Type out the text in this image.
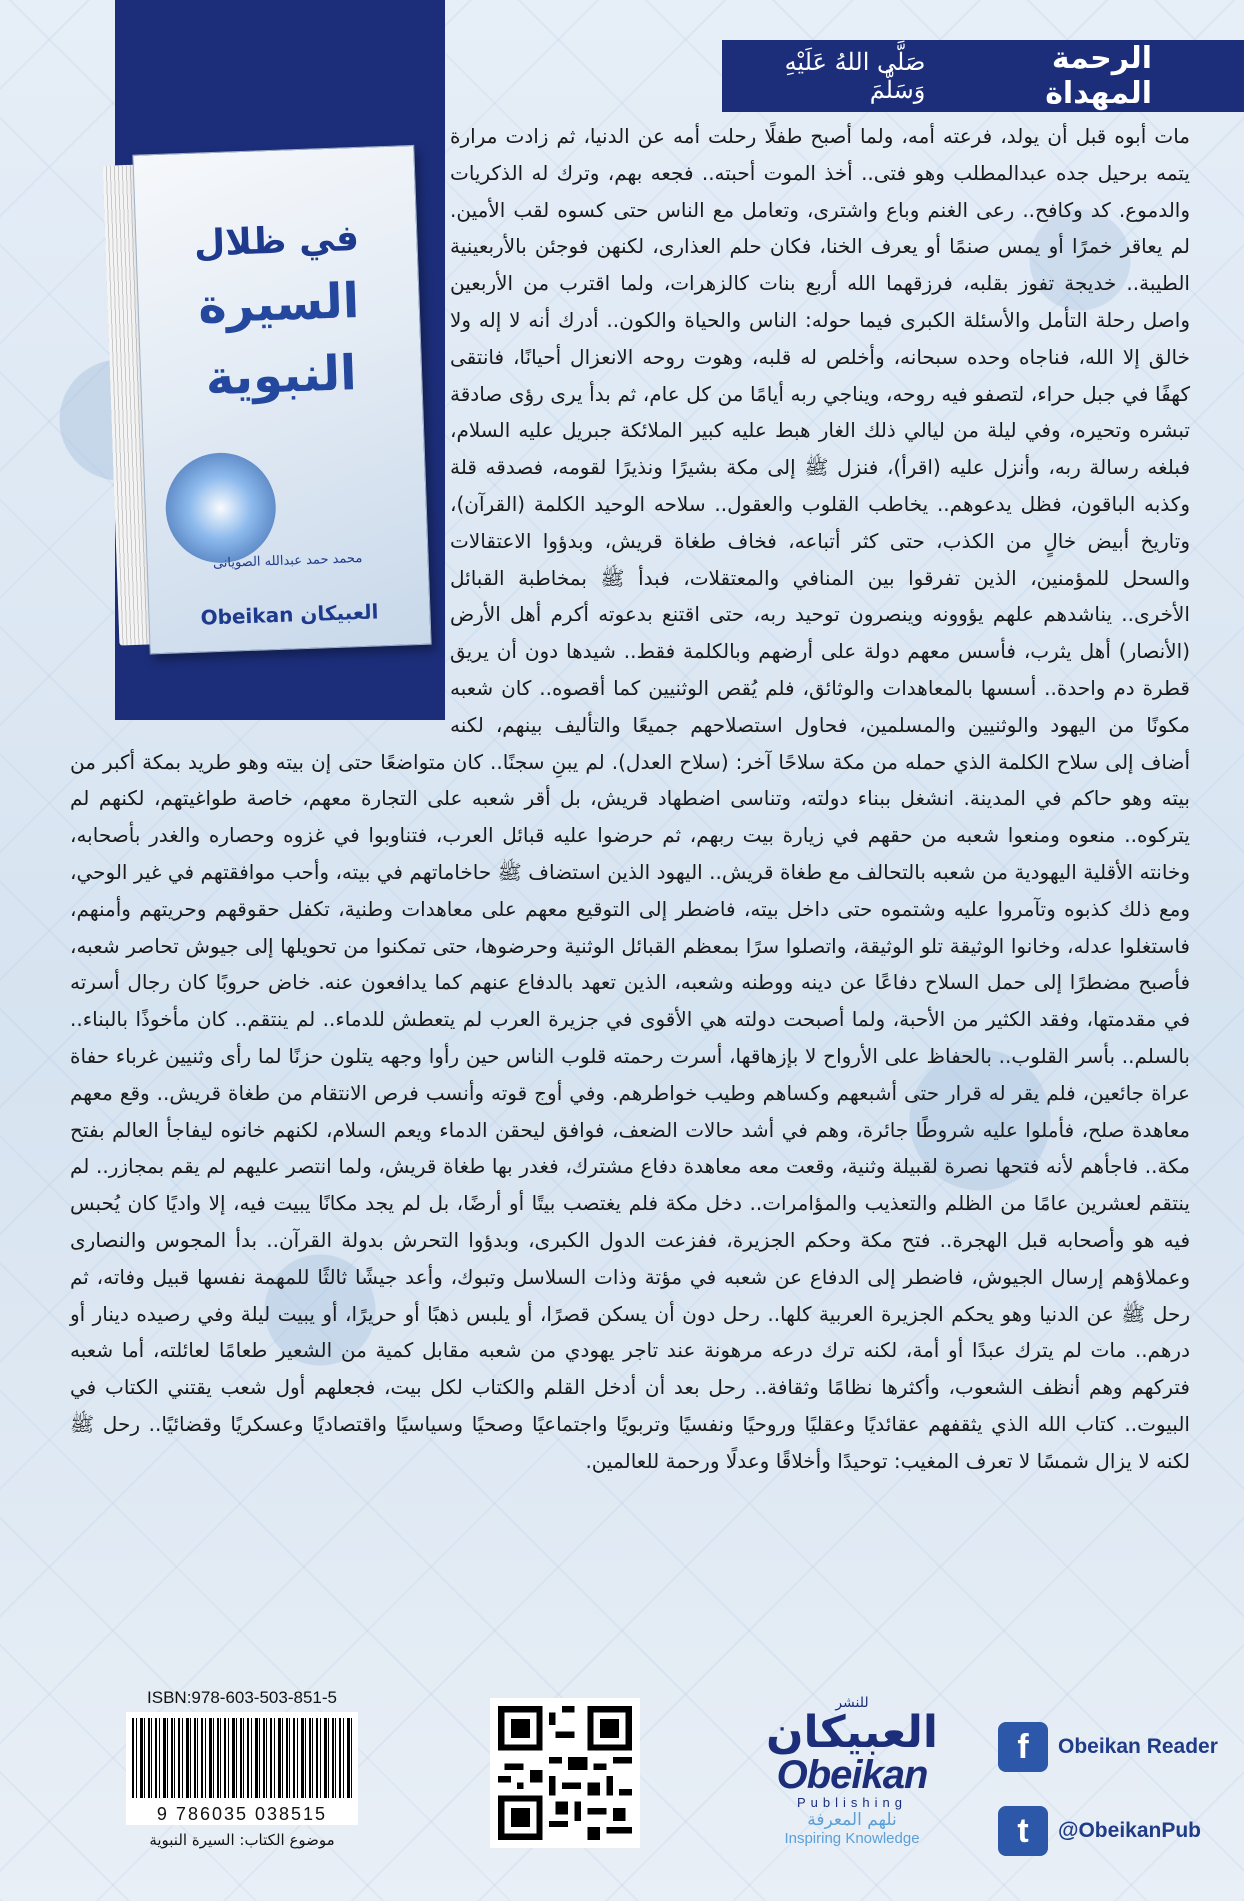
الرحمة المهداة
صَلَّى اللهُ عَلَيْهِ وَسَلَّمَ
في ظلال
السيرة
النبوية
محمد حمد عبدالله الصويانى
العبيكان Obeikan
مات أبوه قبل أن يولد، فرعته أمه، ولما أصبح طفلًا رحلت أمه عن الدنيا، ثم زادت مرارة يتمه برحيل جده عبدالمطلب وهو فتى.. أخذ الموت أحبته.. فجعه بهم، وترك له الذكريات والدموع. كد وكافح.. رعى الغنم وباع واشترى، وتعامل مع الناس حتى كسوه لقب الأمين. لم يعاقر خمرًا أو يمس صنمًا أو يعرف الخنا، فكان حلم العذارى، لكنهن فوجئن بالأربعينية الطيبة.. خديجة تفوز بقلبه، فرزقهما الله أربع بنات كالزهرات، ولما اقترب من الأربعين واصل رحلة التأمل والأسئلة الكبرى فيما حوله: الناس والحياة والكون.. أدرك أنه لا إله ولا خالق إلا الله، فناجاه وحده سبحانه، وأخلص له قلبه، وهوت روحه الانعزال أحيانًا، فانتقى كهفًا في جبل حراء، لتصفو فيه روحه، ويناجي ربه أيامًا من كل عام، ثم بدأ يرى رؤى صادقة تبشره وتحيره، وفي ليلة من ليالي ذلك الغار هبط عليه كبير الملائكة جبريل عليه السلام، فبلغه رسالة ربه، وأنزل عليه (اقرأ)، فنزل ﷺ إلى مكة بشيرًا ونذيرًا لقومه، فصدقه قلة وكذبه الباقون، فظل يدعوهم.. يخاطب القلوب والعقول.. سلاحه الوحيد الكلمة (القرآن)، وتاريخ أبيض خالٍ من الكذب، حتى كثر أتباعه، فخاف طغاة قريش، وبدؤوا الاعتقالات والسحل للمؤمنين، الذين تفرقوا بين المنافي والمعتقلات، فبدأ ﷺ بمخاطبة القبائل الأخرى.. يناشدهم علهم يؤوونه وينصرون توحيد ربه، حتى اقتنع بدعوته أكرم أهل الأرض (الأنصار) أهل يثرب، فأسس معهم دولة على أرضهم وبالكلمة فقط.. شيدها دون أن يريق قطرة دم واحدة.. أسسها بالمعاهدات والوثائق، فلم يُقص الوثنيين كما أقصوه.. كان شعبه مكونًا من اليهود والوثنيين والمسلمين، فحاول استصلاحهم جميعًا والتأليف بينهم، لكنه أضاف إلى سلاح الكلمة الذي حمله من مكة سلاحًا آخر: (سلاح العدل). لم يبنِ سجنًا.. كان متواضعًا حتى إن بيته وهو طريد بمكة أكبر من بيته وهو حاكم في المدينة. انشغل ببناء دولته، وتناسى اضطهاد قريش، بل أقر شعبه على التجارة معهم، خاصة طواغيتهم، لكنهم لم يتركوه.. منعوه ومنعوا شعبه من حقهم في زيارة بيت ربهم، ثم حرضوا عليه قبائل العرب، فتناوبوا في غزوه وحصاره والغدر بأصحابه، وخانته الأقلية اليهودية من شعبه بالتحالف مع طغاة قريش.. اليهود الذين استضاف ﷺ حاخاماتهم في بيته، وأحب موافقتهم في غير الوحي، ومع ذلك كذبوه وتآمروا عليه وشتموه حتى داخل بيته، فاضطر إلى التوقيع معهم على معاهدات وطنية، تكفل حقوقهم وحريتهم وأمنهم، فاستغلوا عدله، وخانوا الوثيقة تلو الوثيقة، واتصلوا سرًا بمعظم القبائل الوثنية وحرضوها، حتى تمكنوا من تحويلها إلى جيوش تحاصر شعبه، فأصبح مضطرًا إلى حمل السلاح دفاعًا عن دينه ووطنه وشعبه، الذين تعهد بالدفاع عنهم كما يدافعون عنه. خاض حروبًا كان رجال أسرته في مقدمتها، وفقد الكثير من الأحبة، ولما أصبحت دولته هي الأقوى في جزيرة العرب لم يتعطش للدماء.. لم ينتقم.. كان مأخوذًا بالبناء.. بالسلم.. بأسر القلوب.. بالحفاظ على الأرواح لا بإزهاقها، أسرت رحمته قلوب الناس حين رأوا وجهه يتلون حزنًا لما رأى وثنيين غرباء حفاة عراة جائعين، فلم يقر له قرار حتى أشبعهم وكساهم وطيب خواطرهم. وفي أوج قوته وأنسب فرص الانتقام من طغاة قريش.. وقع معهم معاهدة صلح، فأملوا عليه شروطًا جائرة، وهم في أشد حالات الضعف، فوافق ليحقن الدماء ويعم السلام، لكنهم خانوه ليفاجأ العالم بفتح مكة.. فاجأهم لأنه فتحها نصرة لقبيلة وثنية، وقعت معه معاهدة دفاع مشترك، فغدر بها طغاة قريش، ولما انتصر عليهم لم يقم بمجازر.. لم ينتقم لعشرين عامًا من الظلم والتعذيب والمؤامرات.. دخل مكة فلم يغتصب بيتًا أو أرضًا، بل لم يجد مكانًا يبيت فيه، إلا واديًا كان يُحبس فيه هو وأصحابه قبل الهجرة.. فتح مكة وحكم الجزيرة، ففزعت الدول الكبرى، وبدؤوا التحرش بدولة القرآن.. بدأ المجوس والنصارى وعملاؤهم إرسال الجيوش، فاضطر إلى الدفاع عن شعبه في مؤتة وذات السلاسل وتبوك، وأعد جيشًا ثالثًا للمهمة نفسها قبيل وفاته، ثم رحل ﷺ عن الدنيا وهو يحكم الجزيرة العربية كلها.. رحل دون أن يسكن قصرًا، أو يلبس ذهبًا أو حريرًا، أو يبيت ليلة وفي رصيده دينار أو درهم.. مات لم يترك عبدًا أو أمة، لكنه ترك درعه مرهونة عند تاجر يهودي من شعبه مقابل كمية من الشعير طعامًا لعائلته، أما شعبه فتركهم وهم أنظف الشعوب، وأكثرها نظامًا وثقافة.. رحل بعد أن أدخل القلم والكتاب لكل بيت، فجعلهم أول شعب يقتني الكتاب في البيوت.. كتاب الله الذي يثقفهم عقائديًا وعقليًا وروحيًا ونفسيًا وتربويًا واجتماعيًا وصحيًا وسياسيًا واقتصاديًا وعسكريًا وقضائيًا.. رحل ﷺ لكنه لا يزال شمسًا لا تعرف المغيب: توحيدًا وأخلاقًا وعدلًا ورحمة للعالمين.
ISBN:978-603-503-851-5
9 786035 038515
موضوع الكتاب: السيرة النبوية
للنشر
العبيكان
Obeikan
Publishing
نلهم المعرفة
Inspiring Knowledge
f	Obeikan Reader
t	@ObeikanPub
